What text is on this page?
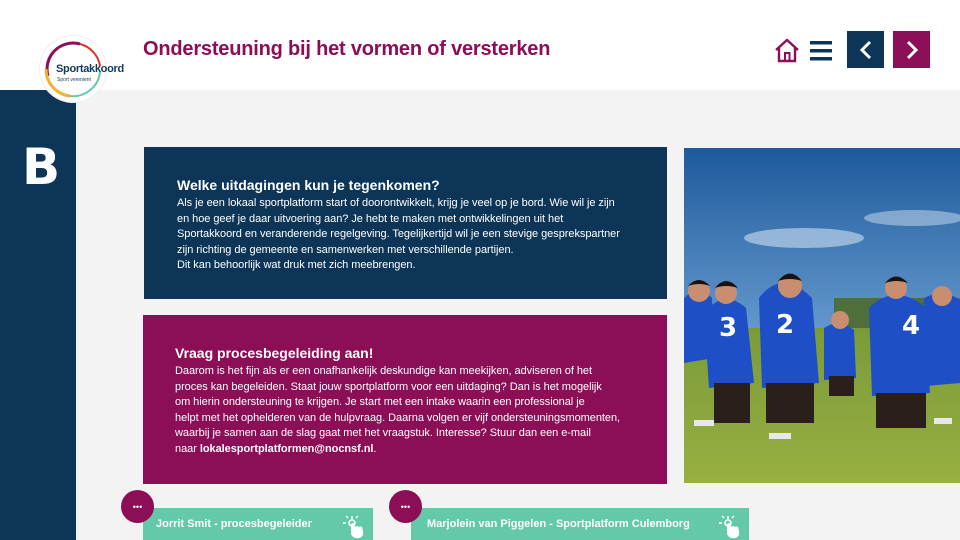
Sportakkoord
Sport verenient
Ondersteuning bij het vormen of versterken
B	Welke uitdagingen kun je tegenkomen?

Als je een lokaal sportplatform start of doorontwikkelt, krijg je veel op je bord. Wie wil je zijn
en hoe geef je daar uitvoering aan? Je hebt te maken met ontwikkelingen uit het
Sportakkoord en veranderende regelgeving. Tegelijkertijd wil je een stevige gesprekspartner
zijn richting de gemeente en samenwerken met verschillende partijen.
Dit kan behoorlijk wat druk met zich meebrengen.

Vraag procesbegeleiding aan!

Daarom is het fijn als er een onafhankelijk deskundige kan meekijken, adviseren of het
proces kan begeleiden. Staat jouw sportplatform voor een uitdaging? Dan is het mogelijk
om hierin ondersteuning te krijgen. Je start met een intake waarin een professional je
helpt met het ophelderen van de hulpvraag. Daarna volgen er vijf ondersteuningsmomenten,
waarbij je samen aan de slag gaat met het vraagstuk. Interesse? Stuur dan een e-mail
naar lokalesportplatformen@nocnsf.nl.

3 2	4
Jorrit Smit - procesbegeleider	Marjolein van Piggelen - Sportplatform Culemborg
•••	•••
